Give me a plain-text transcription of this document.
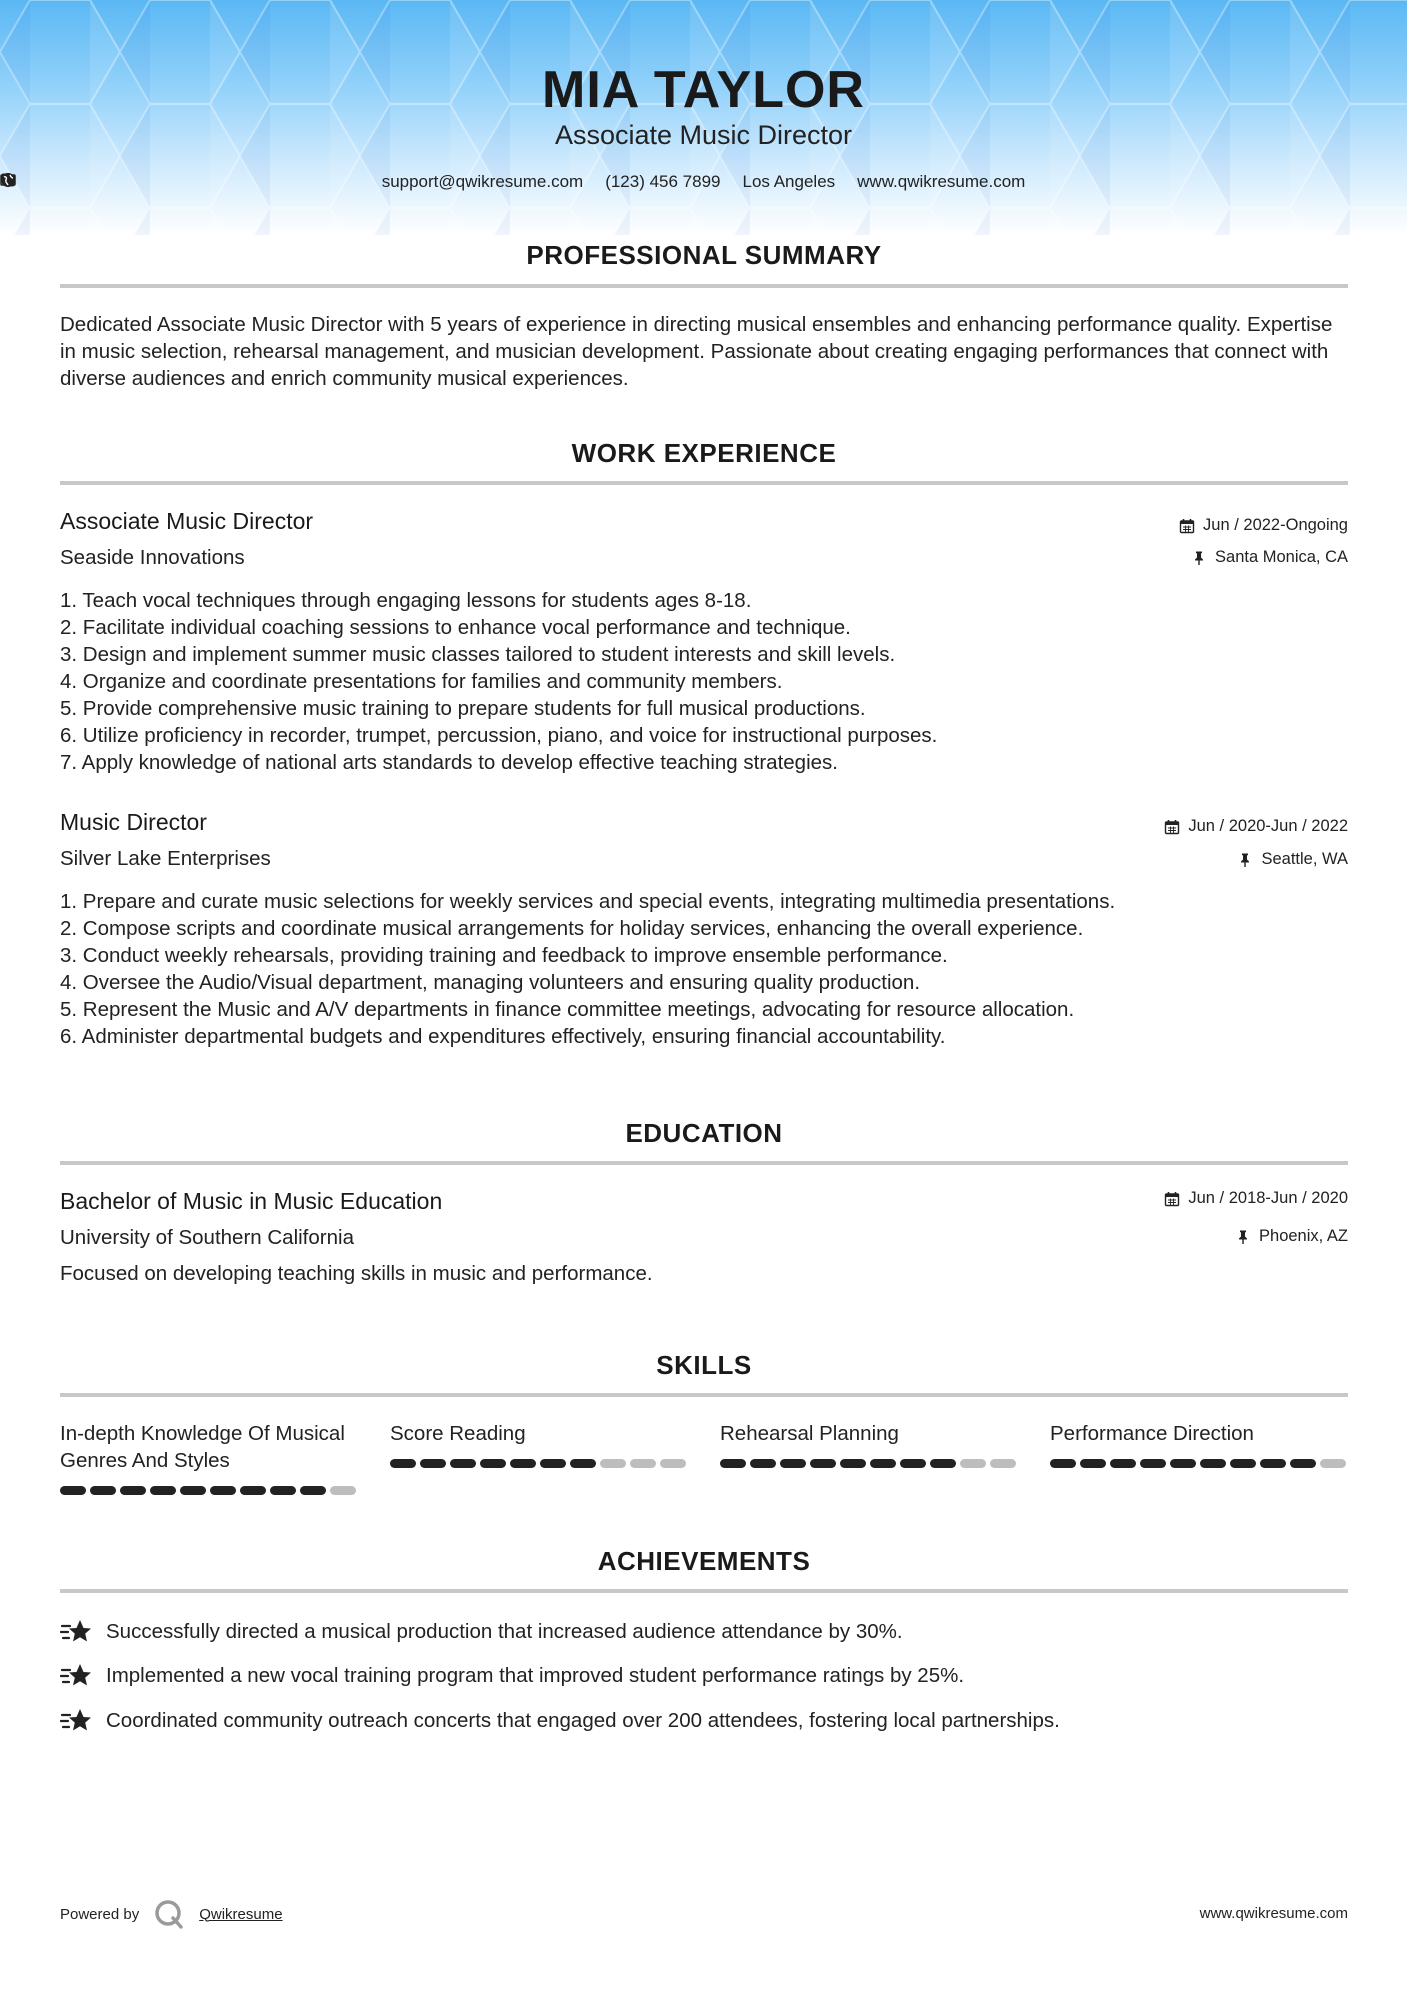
MIA TAYLOR
Associate Music Director
support@qwikresume.com (123) 456 7899 Los Angeles www.qwikresume.com
PROFESSIONAL SUMMARY
Dedicated Associate Music Director with 5 years of experience in directing musical ensembles and enhancing performance quality. Expertise in music selection, rehearsal management, and musician development. Passionate about creating engaging performances that connect with diverse audiences and enrich community musical experiences.
WORK EXPERIENCE
Associate Music Director	Jun / 2022-Ongoing
Seaside Innovations	Santa Monica, CA
1. Teach vocal techniques through engaging lessons for students ages 8-18.
2. Facilitate individual coaching sessions to enhance vocal performance and technique.
3. Design and implement summer music classes tailored to student interests and skill levels.
4. Organize and coordinate presentations for families and community members.
5. Provide comprehensive music training to prepare students for full musical productions.
6. Utilize proficiency in recorder, trumpet, percussion, piano, and voice for instructional purposes.
7. Apply knowledge of national arts standards to develop effective teaching strategies.
Music Director	Jun / 2020-Jun / 2022
Silver Lake Enterprises	Seattle, WA
1. Prepare and curate music selections for weekly services and special events, integrating multimedia presentations.
2. Compose scripts and coordinate musical arrangements for holiday services, enhancing the overall experience.
3. Conduct weekly rehearsals, providing training and feedback to improve ensemble performance.
4. Oversee the Audio/Visual department, managing volunteers and ensuring quality production.
5. Represent the Music and A/V departments in finance committee meetings, advocating for resource allocation.
6. Administer departmental budgets and expenditures effectively, ensuring financial accountability.
EDUCATION
Bachelor of Music in Music Education	Jun / 2018-Jun / 2020
University of Southern California	Phoenix, AZ
Focused on developing teaching skills in music and performance.
SKILLS
In-depth Knowledge Of Musical Genres And Styles
Score Reading	Rehearsal Planning	Performance Direction
ACHIEVEMENTS
Successfully directed a musical production that increased audience attendance by 30%.
Implemented a new vocal training program that improved student performance ratings by 25%.
Coordinated community outreach concerts that engaged over 200 attendees, fostering local partnerships.
Powered by	Qwikresume	www.qwikresume.com
